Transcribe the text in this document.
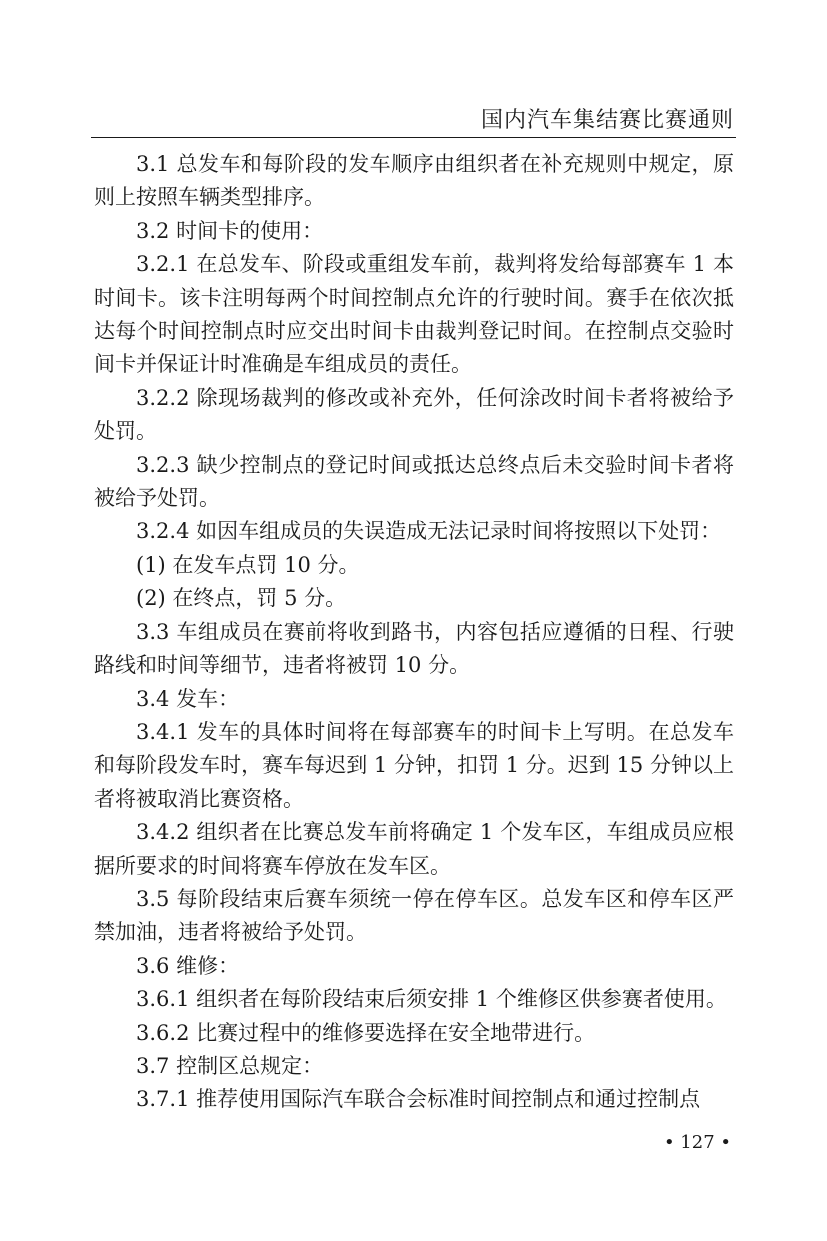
国内汽车集结赛比赛通则

3.1 总发车和每阶段的发车顺序由组织者在补充规则中规定，原则上按照车辆类型排序。

3.2 时间卡的使用：

3.2.1 在总发车、阶段或重组发车前，裁判将发给每部赛车 1 本时间卡。该卡注明每两个时间控制点允许的行驶时间。赛手在依次抵达每个时间控制点时应交出时间卡由裁判登记时间。在控制点交验时间卡并保证计时准确是车组成员的责任。

3.2.2 除现场裁判的修改或补充外，任何涂改时间卡者将被给予处罚。

3.2.3 缺少控制点的登记时间或抵达总终点后未交验时间卡者将被给予处罚。

3.2.4 如因车组成员的失误造成无法记录时间将按照以下处罚：

(1) 在发车点罚 10 分。

(2) 在终点，罚 5 分。

3.3 车组成员在赛前将收到路书，内容包括应遵循的日程、行驶路线和时间等细节，违者将被罚 10 分。

3.4 发车：

3.4.1 发车的具体时间将在每部赛车的时间卡上写明。在总发车和每阶段发车时，赛车每迟到 1 分钟，扣罚 1 分。迟到 15 分钟以上者将被取消比赛资格。

3.4.2 组织者在比赛总发车前将确定 1 个发车区，车组成员应根据所要求的时间将赛车停放在发车区。

3.5 每阶段结束后赛车须统一停在停车区。总发车区和停车区严禁加油，违者将被给予处罚。

3.6 维修：

3.6.1 组织者在每阶段结束后须安排 1 个维修区供参赛者使用。

3.6.2 比赛过程中的维修要选择在安全地带进行。

3.7 控制区总规定：

3.7.1 推荐使用国际汽车联合会标准时间控制点和通过控制点

• 127 •
